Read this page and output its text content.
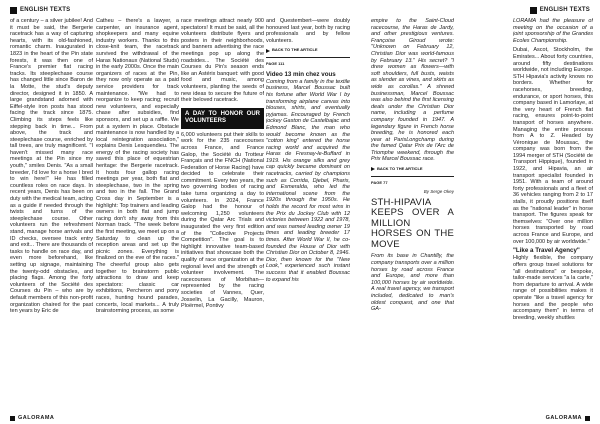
ENGLISH TEXTS	ENGLISH TEXTS

of a century – a silver jubilee! And it must be said, the Bergerie racetrack has a way of capturing hearts, with its old-fashioned, romantic charm. Inaugurated in 1823 in the heart of the Pin state forests, it was then one of France's premier flat racing tracks. Its steeplechase course has changed little since Baron de la Motte, the stud's deputy director, designed it in 1850. A large grandstand adorned with Eiffel-style iron posts has stood facing the track since 1875. Climbing its steps feels like stepping back in time... From above, the track and steeplechase course, enriched by tall trees, are truly magnificent. "I haven't missed many race meetings at the Pin since my youth," smiles Denis. "As a small breeder, I'd love for a horse I bred to win here!" He has filled countless roles on race days. In recent years, Denis has been on duty with the medical team, acting as a guide if needed through the twists and turns of the steeplechase course. Other volunteers run the refreshment stand, manage horse arrivals and ID checks, oversee track entry and exit... There are thousands of tasks to handle on race day, and even more beforehand, like setting up signage, maintaining the twenty-odd obstacles, and placing flags. Among the forty volunteers of the Société des Courses du Pin – who are by default members of this non-profit organization chaired for the past ten years by Eric de

Catheu – there's a lawyer, a carpenter, an insurance agent, shopkeepers and many equine industry workers. Thanks to this close-knit team, the racetrack survived the withdrawal of the Haras Nationaux (National Studs) in the early 2000s. Once the main organizers of races at the Pin, they now only operate as a paid service providers for track maintenance. "We had to reorganize to keep racing; recruit new volunteers, and especially chase after subsidies, find sponsors, and set up a raffle. We put a system in place. Obstacle maintenance is now handled by a local reintegration association," explains Denis Lesquendieu. The energy of the racing society has saved this place of equestrian heritage: the Bergerie racetrack. It hosts four gallop racing meetings per year, both flat and steeplechase, two in the spring and two in the fall. The Grand Cross day in September is a highlight: Top trainers and leading owners in both flat and jump racing don't shy away from this Norman track. "The week before the first meeting, we meet up on a Saturday to clean up the reception areas and set up the picnic zones. Everything is finalized on the eve of the races." The cheerful group also gets together to brainstorm public attractions to draw and keep spectators: classic car exhibitions, Percheron and pony races, hunting hound parades, concerts, local markets... A truly brainstorming process, as some

race meetings attract nearly 900 spectators! It must be said, all the volunteers distribute flyers and posters in their neighborhoods, and banners advertising the race meetings pop up along the roadsides... The Société des Courses du Pin's season ends like an Astérix banquet: with good food and music, among volunteers, planting the seeds of new ideas to secure the future of their beloved racetrack.

A DAY TO HONOR OUR VOLUNTEERS

6,000 volunteers put their skills to work for the 235 racecourses across France, and France Galop, the Société du Trotteur Français and the FNCH (National Federation of Horse Racing) have decided to celebrate their commitment. Every two years, the two governing bodies of racing take turns organizing a day to volunteers. In 2024, France Galop had the honour of welcoming 1,250 volunteers during the Qatar Arc Trials and inaugurated the very first edition of the "Collective Projects Competition". The goal is to highlight innovative team-based initiatives that showcase both the quality of race organization at the regional level and the strength of volunteer involvement. The racecourses of Morbihan—represented by the racing societies of Vannes, Quer, Josselin, La Gacilly, Mauron, Ploërmel, Pontivy

and Questembert—were doubly honoured last year, both by racing professionals and by fellow volunteers.

BACK TO THE ARTICLE
PAGE 111
Video 13 min chez vous

Coming from a family in the textile business, Marcel Boussac built his fortune after World War I by transforming airplane canvas into blouses, shirts, and eventually pyjamas. Encouraged by French jockey Gaston de Castelbajac and Edmond Blanc, the man who would become known as the "cotton king" entered the horse racing world and acquired the Haras de Fresnay-le-Buffard in 1919. His orange silks and grey cap quickly became dominant on racetracks, carried by champions such as Corrida, Djebel, Pharis, and Esmeralda, who led the international scene from the 1920s through the 1950s. He holds the record for most wins in the Prix du Jockey Club with 12 victories between 1922 and 1978, and was named leading owner 19 times and leading breeder 17 times. After World War II, he co-founded the House of Dior with Christian Dior on October 8, 1946. Dior, then known for the "New Look," experienced such instant success that it enabled Boussac to expand his

empire to the Saint-Cloud racecourse, the Haras de Jardy, and other prestigious ventures. Françoise Giroud wrote: "Unknown on February 12, Christian Dior was world-famous by February 13." His secret? "I drew women as flowers—with soft shoulders, full busts, waists as slender as vines, and skirts as wide as corollas." A shrewd businessman, Marcel Boussac was also behind the first licensing deals under the Christian Dior name, including a perfume company founded in 1947. A legendary figure in French horse breeding, he is honored each year at ParisLongchamp during the famed Qatar Prix de l'Arc de Triomphe weekend, through the Prix Marcel Boussac race.

BACK TO THE ARTICLE
PAGE 77
By Serge Okey
STH-HIPAVIA KEEPS OVER A MILLION HORSES ON THE MOVE

From its base in Chantilly, the company transports over a million horses by road across France and Europe, and more than 100,000 horses by air worldwide. A real travel agency, we transport included, dedicated to man's oldest conquest, and one that GA-

LORAMA had the pleasure of meeting on the occasion of a joint sponsorship of the Grandes Ecoles Championship.

Dubai, Ascot, Stockholm, the Emirates... About forty countries, around fifty destinations worldwide, not including Europe. STH Hipavia's activity knows no borders. Whether for racehorses, breeding, endurance, or sport horses, this company based in Lamorlaye, at the very heart of French flat racing, ensures point-to-point transport of horses anywhere. Managing the entire process from A to Z. Headed by Véronique de Moussac, the company was born from the 1994 merger of STH (Société de Transport Hippique), founded in 1922, and Hipavia, an air transport specialist founded in 1951. With a team of around forty professionals and a fleet of 36 vehicles ranging from 2 to 17 stalls, it proudly positions itself as the "national leader" in horse transport. The figures speak for themselves: "Over one million horses transported by road across France and Europe, and over 100,000 by air worldwide."

"Like a Travel Agency"

Highly flexible, the company offers group travel solutions for "all destinations" or bespoke, tailor-made services "a la carte," from departure to arrival. A wide range of possibilities makes it operate "like a travel agency for horses and the people who accompany them" in terms of breeding, weekly shuttles

GALORAMA	GALORAMA
